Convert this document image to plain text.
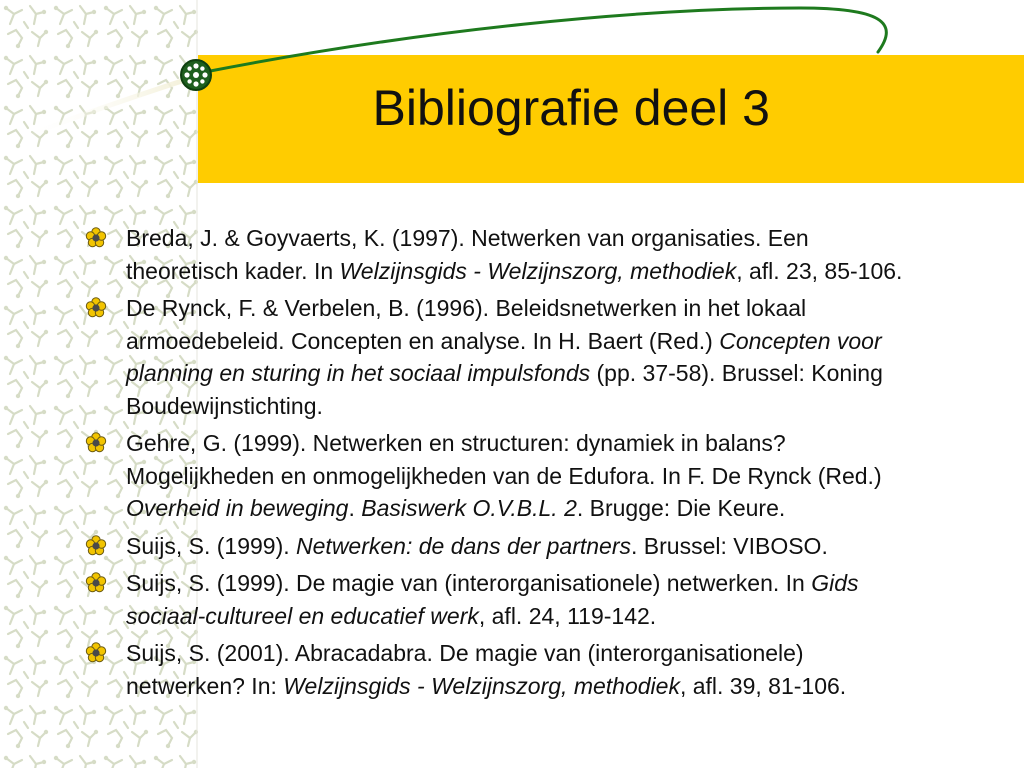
Bibliografie deel 3
Breda, J. & Goyvaerts, K. (1997). Netwerken van organisaties. Een theoretisch kader. In Welzijnsgids - Welzijnszorg, methodiek, afl. 23, 85-106.
De Rynck, F. & Verbelen, B. (1996). Beleidsnetwerken in het lokaal armoedebeleid. Concepten en analyse. In H. Baert (Red.) Concepten voor planning en sturing in het sociaal impulsfonds (pp. 37-58). Brussel: Koning Boudewijnstichting.
Gehre, G. (1999). Netwerken en structuren: dynamiek in balans? Mogelijkheden en onmogelijkheden van de Edufora. In F. De Rynck (Red.) Overheid in beweging. Basiswerk O.V.B.L. 2. Brugge: Die Keure.
Suijs, S. (1999). Netwerken: de dans der partners. Brussel: VIBOSO.
Suijs, S. (1999). De magie van (interorganisationele) netwerken. In Gids sociaal-cultureel en educatief werk, afl. 24, 119-142.
Suijs, S. (2001). Abracadabra. De magie van (interorganisationele) netwerken? In: Welzijnsgids - Welzijnszorg, methodiek, afl. 39, 81-106.
